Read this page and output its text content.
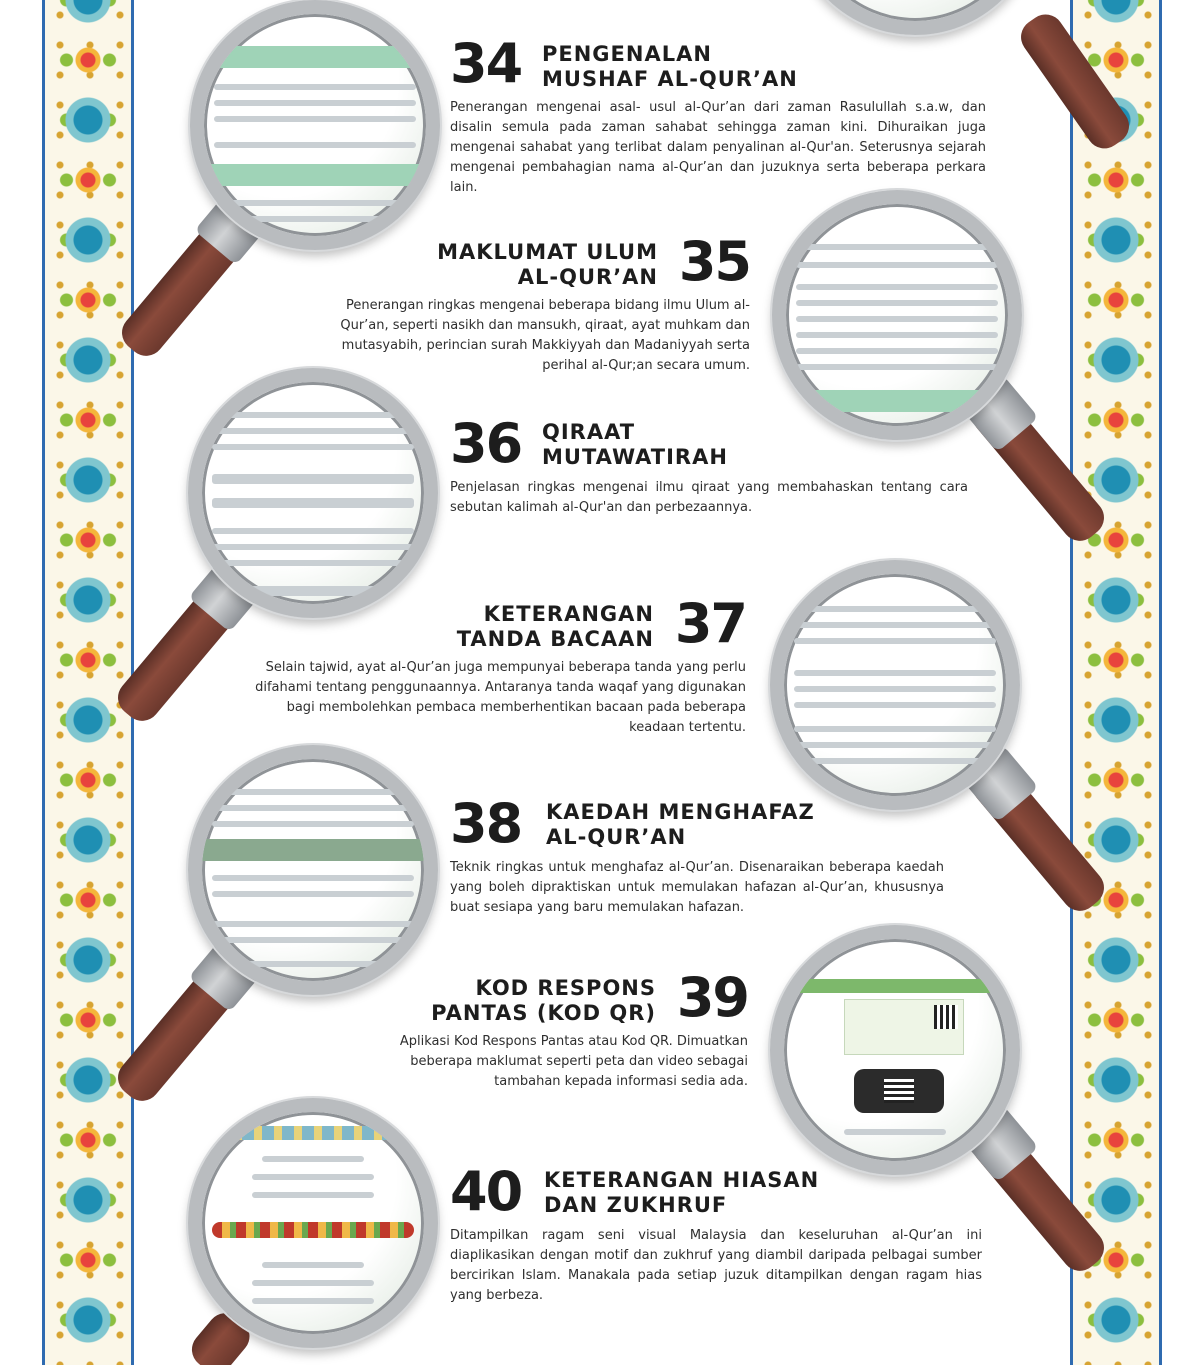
34 PENGENALAN
MUSHAF AL-QUR’AN

Penerangan mengenai asal- usul al-Qur’an dari zaman Rasulullah s.a.w, dan disalin semula pada zaman sahabat sehingga zaman kini. Dihuraikan juga mengenai sahabat yang terlibat dalam penyalinan al-Qur'an. Seterusnya sejarah mengenai pembahagian nama al-Qur’an dan juzuknya serta beberapa perkara lain.

MAKLUMAT ULUM
AL-QUR’AN 35

Penerangan ringkas mengenai beberapa bidang ilmu Ulum al-Qur’an, seperti nasikh dan mansukh, qiraat, ayat muhkam dan mutasyabih, perincian surah Makkiyyah dan Madaniyyah serta perihal al-Qur;an secara umum.

36 QIRAAT
MUTAWATIRAH

Penjelasan ringkas mengenai ilmu qiraat yang membahaskan tentang cara sebutan kalimah al-Qur'an dan perbezaannya.

KETERANGAN
TANDA BACAAN 37

Selain tajwid, ayat al-Qur’an juga mempunyai beberapa tanda yang perlu difahami tentang penggunaannya. Antaranya tanda waqaf yang digunakan bagi membolehkan pembaca memberhentikan bacaan pada beberapa keadaan tertentu.

38 KAEDAH MENGHAFAZ
AL-QUR’AN

Teknik ringkas untuk menghafaz al-Qur’an. Disenaraikan beberapa kaedah yang boleh dipraktiskan untuk memulakan hafazan al-Qur’an, khususnya buat sesiapa yang baru memulakan hafazan.

KOD RESPONS
PANTAS (KOD QR) 39

Aplikasi Kod Respons Pantas atau Kod QR. Dimuatkan beberapa maklumat seperti peta dan video sebagai tambahan kepada informasi sedia ada.

40 KETERANGAN HIASAN
DAN ZUKHRUF

Ditampilkan ragam seni visual Malaysia dan keseluruhan al-Qur’an ini diaplikasikan dengan motif dan zukhruf yang diambil daripada pelbagai sumber bercirikan Islam. Manakala pada setiap juzuk ditampilkan dengan ragam hias yang berbeza.
